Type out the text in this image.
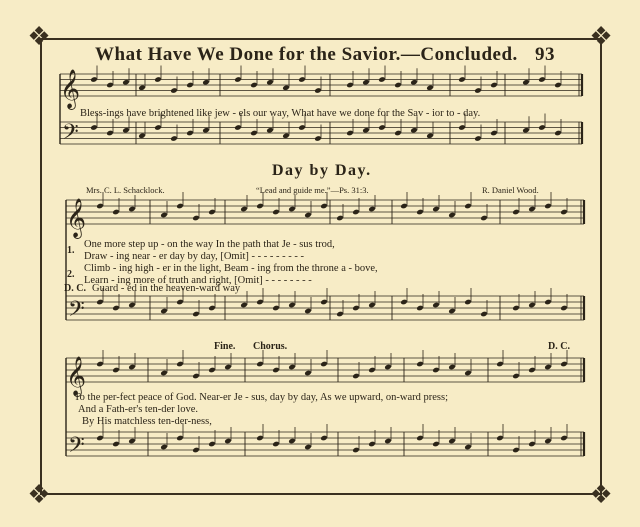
❖	❖
❖	❖
What Have We Done for the Savior.—Concluded. 93
𝄞
𝄢
𝄞
𝄢
𝄞
𝄢
Bless-ings have brightened like jew - els our way, What have we done for the Sav - ior to - day.
Day by Day.
Mrs. C. L. Schacklock.	“Lead and guide me.”—Ps. 31:3.	R. Daniel Wood.
1.
One more step up - on the way In the path that Je - sus trod,
Draw - ing near - er day by day, [Omit] - - - - - - - - -
2.
Climb - ing high - er in the light, Beam - ing from the throne a - bove,
Learn - ing more of truth and right, [Omit] - - - - - - - -
D. C. Guard - ed in the heaven-ward way
Fine. Chorus.	D. C.
To the per-fect peace of God. Near-er Je - sus, day by day, As we upward, on-ward press;
And a Fath-er's ten-der love.
By His matchless ten-der-ness,
